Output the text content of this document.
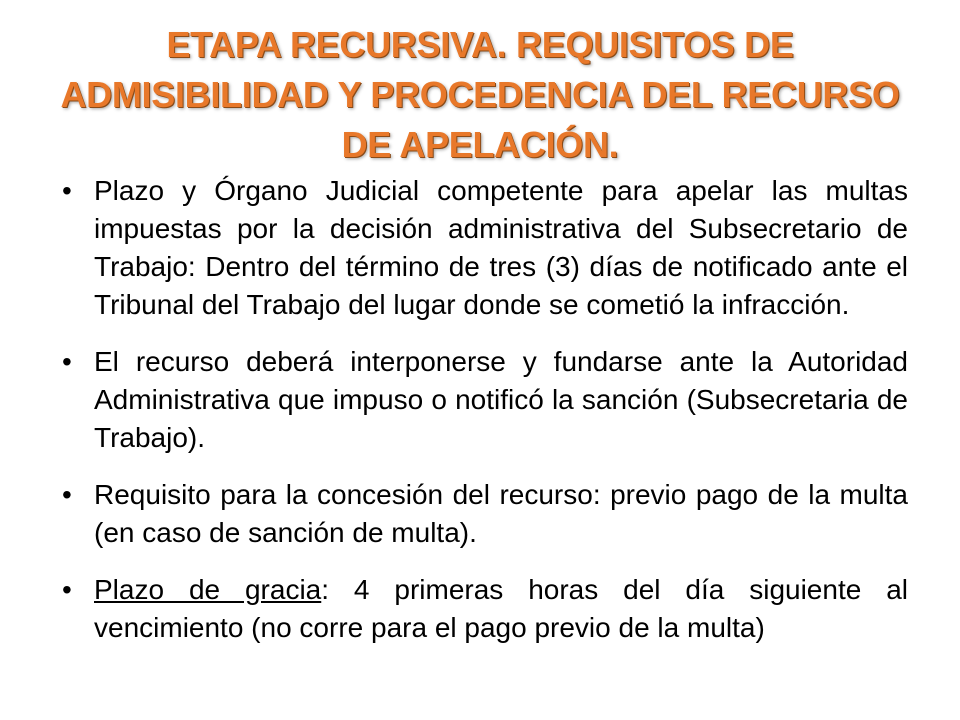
ETAPA RECURSIVA. REQUISITOS DE
ADMISIBILIDAD Y PROCEDENCIA DEL RECURSO
DE APELACIÓN.
• Plazo y Órgano Judicial competente para apelar las multas impuestas por la decisión administrativa del Subsecretario de Trabajo: Dentro del término de tres (3) días de notificado ante el Tribunal del Trabajo del lugar donde se cometió la infracción.
• El recurso deberá interponerse y fundarse ante la Autoridad Administrativa que impuso o notificó la sanción (Subsecretaria de Trabajo).
• Requisito para la concesión del recurso: previo pago de la multa (en caso de sanción de multa).
• Plazo de gracia: 4 primeras horas del día siguiente al vencimiento (no corre para el pago previo de la multa)
